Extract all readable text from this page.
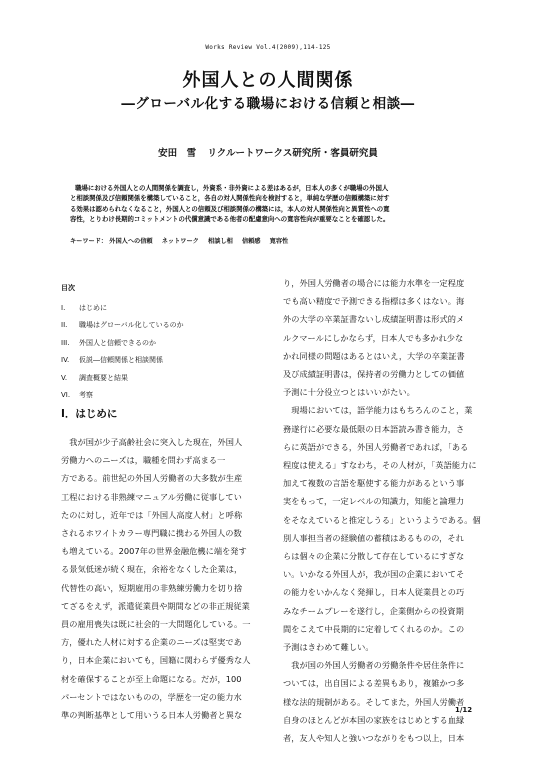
Works Review Vol.4(2009),114-125
外国人との人間関係
―グローバル化する職場における信頼と相談―
安田　雪 リクルートワークス研究所・客員研究員

職場における外国人との人間関係を調査し，外資系・非外資による差はあるが，日本人の多くが職場の外国人

と相談関係及び信頼関係を構築していること，各自の対人関係性向を検討すると，単純な学歴の信頼構築に対す

る効果は認められなくなること，外国人との信頼及び相談関係の構築には，本人の対人関係性向と異質性への寛

容性，とりわけ長期的コミットメントの代償意識である他者の配慮意向への寛容性向が重要なことを確認した。

キーワード： 外国人への信頼 ネットワーク 相談し相 信頼感 寛容性
目次
I. はじめに
II. 職場はグローバル化しているのか
III. 外国人と信頼できるのか
IV. 仮説―信頼関係と相談関係
V. 調査概要と結果
VI. 考察
I．はじめに

　我が国が少子高齢社会に突入した現在，外国人

労働力へのニーズは，職種を問わず高まる一

方である。前世紀の外国人労働者の大多数が生産

工程における非熟練マニュアル労働に従事してい

たのに対し，近年では「外国人高度人材」と呼称

されるホワイトカラー専門職に携わる外国人の数

も増えている。2007年の世界金融危機に端を発す

る景気低迷が続く現在，余裕をなくした企業は，

代替性の高い，短期雇用の非熟練労働力を切り捨

てざるをえず，派遣従業員や期間などの非正規従業

員の雇用喪失は既に社会的一大問題化している。一

方，優れた人材に対する企業のニーズは堅実であ

り，日本企業においても，国籍に関わらず優秀な人

材を確保することが至上命題になる。だが，100

パーセントではないものの，学歴を一定の能力水

準の判断基準として用いうる日本人労働者と異な

り，外国人労働者の場合には能力水準を一定程度

でも高い精度で予測できる指標は多くはない。海

外の大学の卒業証書ないし成績証明書は形式的メ

ルクマールにしかならず，日本人でも多かれ少な

かれ同様の問題はあるとはいえ，大学の卒業証書

及び成績証明書は，保持者の労働力としての価値

予測に十分役立つとはいいがたい。

　現場においては，語学能力はもちろんのこと，業

務遂行に必要な最低限の日本語読み書き能力，さ

らに英語ができる，外国人労働者であれば，「ある

程度は使える」すなわち，その人材が，「英語能力に

加えて複数の言語を駆使する能力があるという事

実をもって，一定レベルの知識力，知能と論理力

をそなえていると推定しうる」というようである。個

別人事担当者の経験値の蓄積はあるものの，それ

らは個々の企業に分散して存在しているにすぎな

い。いかなる外国人が，我が国の企業においてそ

の能力をいかんなく発揮し，日本人従業員との巧

みなチームプレーを遂行し，企業側からの投資期

間をこえて中長期的に定着してくれるのか。この

予測はきわめて難しい。

　我が国の外国人労働者の労働条件や居住条件に

ついては，出自国による差異もあり，複雑かつ多

様な法的規制がある。そしてまた，外国人労働者

自身のほとんどが本国の家族をはじめとする血縁

者，友人や知人と強いつながりをもつ以上，日本

1/12
